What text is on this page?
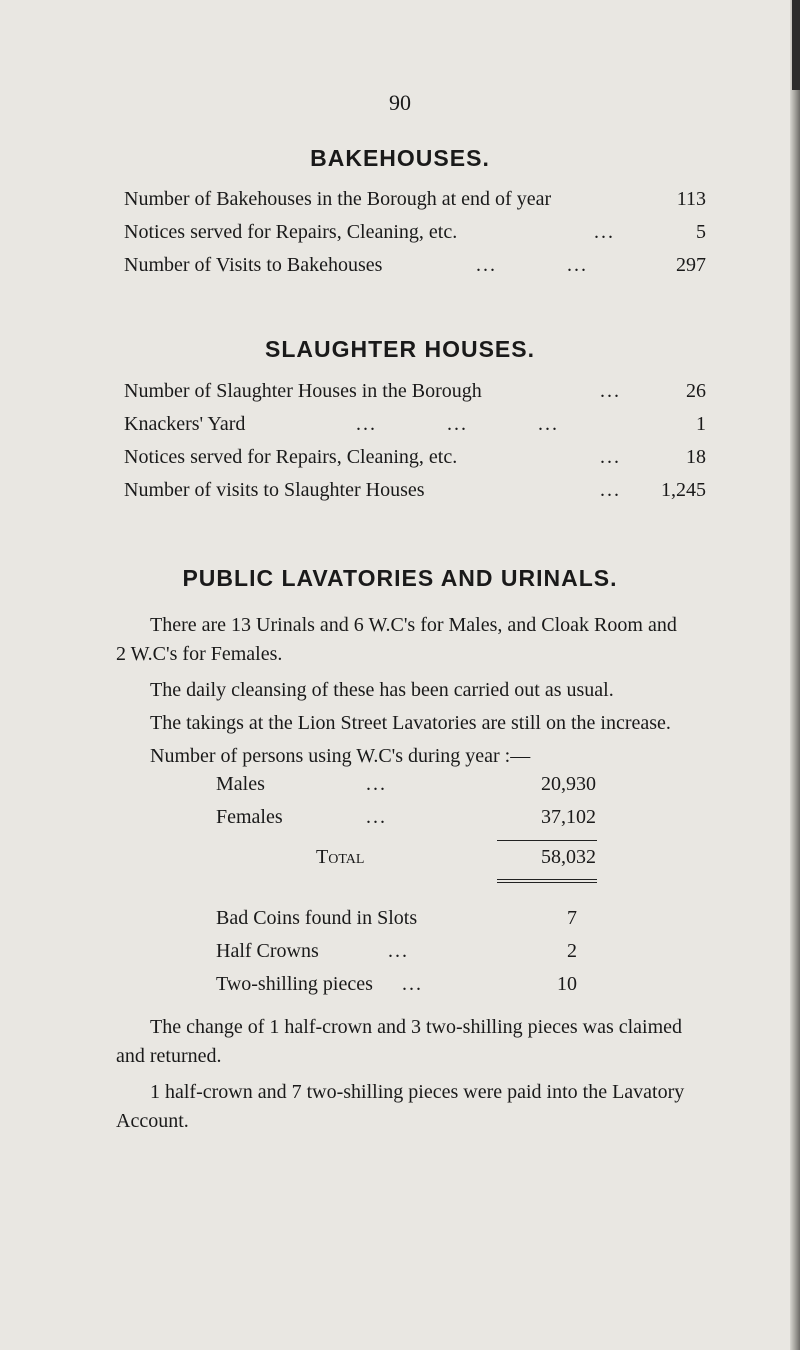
90
BAKEHOUSES.
Number of Bakehouses in the Borough at end of year	113
Notices served for Repairs, Cleaning, etc.	...	5
Number of Visits to Bakehouses	...          ...	297
SLAUGHTER HOUSES.
Number of Slaughter Houses in the Borough	...	26
Knackers' Yard	...          ...          ...	1
Notices served for Repairs, Cleaning, etc.	...	18
Number of visits to Slaughter Houses	... 1,245
PUBLIC LAVATORIES AND URINALS.
There are 13 Urinals and 6 W.C's for Males, and Cloak Room and
2 W.C's for Females.
The daily cleansing of these has been carried out as usual.
The takings at the Lion Street Lavatories are still on the increase.
Number of persons using W.C's during year :—
Males	...	20,930
Females	...	37,102
Total	58,032
Bad Coins found in Slots	7
Half Crowns	...	2
Two-shilling pieces ...	10
The change of 1 half-crown and 3 two-shilling pieces was claimed
and returned.
1 half-crown and 7 two-shilling pieces were paid into the Lavatory
Account.
